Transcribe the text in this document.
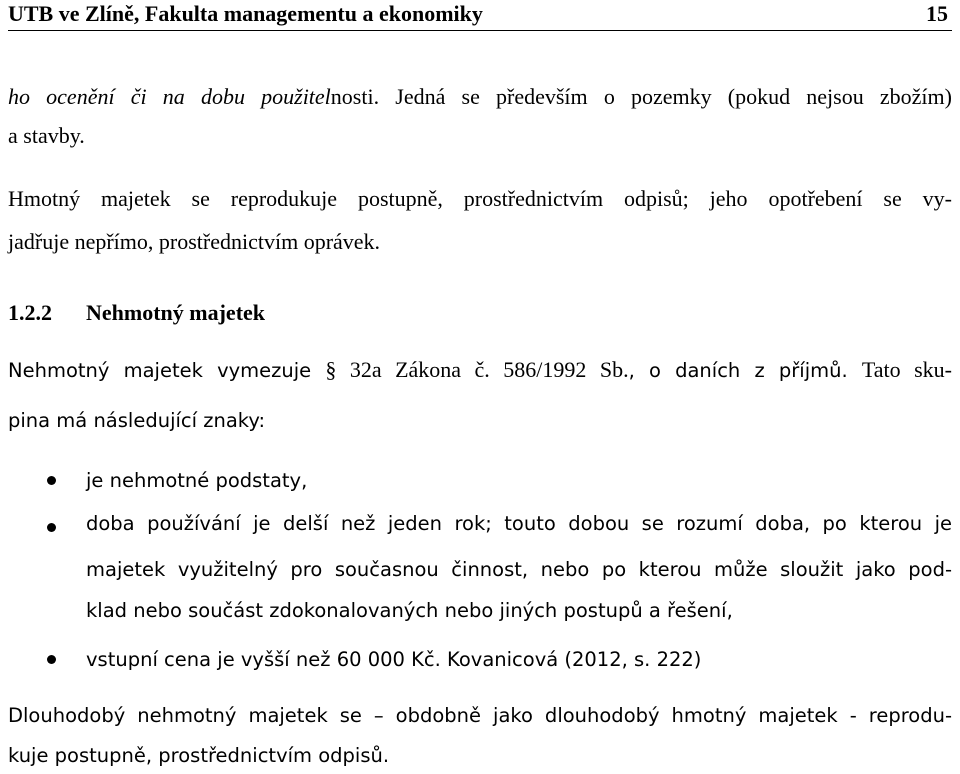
UTB ve Zlíně, Fakulta managementu a ekonomiky	15
ho ocenění či na dobu použitelnosti. Jedná se především o pozemky (pokud nejsou zbožím)
a stavby.
Hmotný majetek se reprodukuje postupně, prostřednictvím odpisů; jeho opotřebení se vy-
jadřuje nepřímo, prostřednictvím oprávek.
1.2.2 Nehmotný majetek
Nehmotný majetek vymezuje § 32a Zákona č. 586/1992 Sb., o daních z příjmů. Tato sku-
pina má následující znaky:
je nehmotné podstaty,
doba používání je delší než jeden rok; touto dobou se rozumí doba, po kterou je
majetek využitelný pro současnou činnost, nebo po kterou může sloužit jako pod-
klad nebo součást zdokonalovaných nebo jiných postupů a řešení,
vstupní cena je vyšší než 60 000 Kč. Kovanicová (2012, s. 222)
Dlouhodobý nehmotný majetek se – obdobně jako dlouhodobý hmotný majetek - reprodu-
kuje postupně, prostřednictvím odpisů.
